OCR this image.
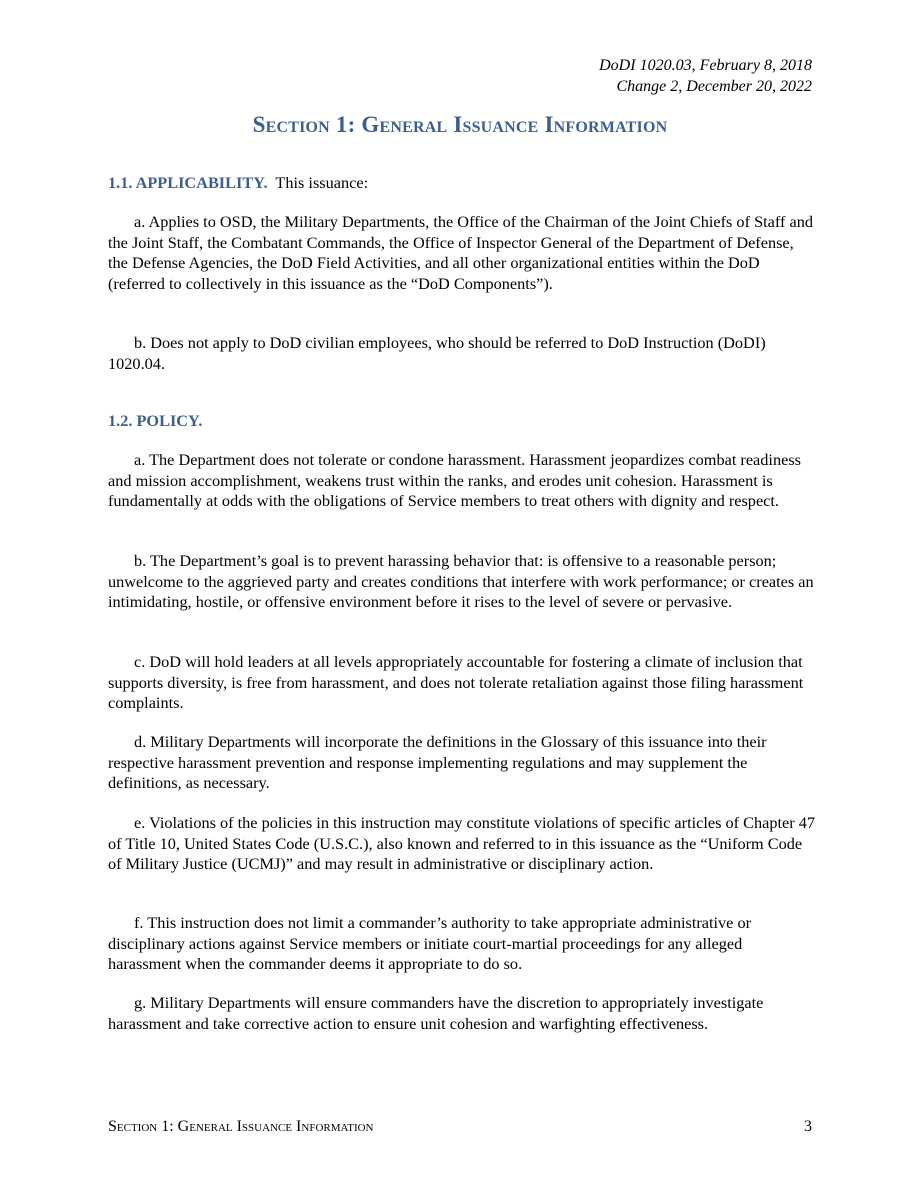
DoDI 1020.03, February 8, 2018
Change 2, December 20, 2022
Section 1: General Issuance Information
1.1. APPLICABILITY. This issuance:
a. Applies to OSD, the Military Departments, the Office of the Chairman of the Joint Chiefs of Staff and the Joint Staff, the Combatant Commands, the Office of Inspector General of the Department of Defense, the Defense Agencies, the DoD Field Activities, and all other organizational entities within the DoD (referred to collectively in this issuance as the “DoD Components”).
b. Does not apply to DoD civilian employees, who should be referred to DoD Instruction (DoDI) 1020.04.
1.2. POLICY.
a. The Department does not tolerate or condone harassment. Harassment jeopardizes combat readiness and mission accomplishment, weakens trust within the ranks, and erodes unit cohesion. Harassment is fundamentally at odds with the obligations of Service members to treat others with dignity and respect.
b. The Department’s goal is to prevent harassing behavior that: is offensive to a reasonable person; unwelcome to the aggrieved party and creates conditions that interfere with work performance; or creates an intimidating, hostile, or offensive environment before it rises to the level of severe or pervasive.
c. DoD will hold leaders at all levels appropriately accountable for fostering a climate of inclusion that supports diversity, is free from harassment, and does not tolerate retaliation against those filing harassment complaints.
d. Military Departments will incorporate the definitions in the Glossary of this issuance into their respective harassment prevention and response implementing regulations and may supplement the definitions, as necessary.
e. Violations of the policies in this instruction may constitute violations of specific articles of Chapter 47 of Title 10, United States Code (U.S.C.), also known and referred to in this issuance as the “Uniform Code of Military Justice (UCMJ)” and may result in administrative or disciplinary action.
f. This instruction does not limit a commander’s authority to take appropriate administrative or disciplinary actions against Service members or initiate court-martial proceedings for any alleged harassment when the commander deems it appropriate to do so.
g. Military Departments will ensure commanders have the discretion to appropriately investigate harassment and take corrective action to ensure unit cohesion and warfighting effectiveness.
Section 1: General Issuance Information	3
